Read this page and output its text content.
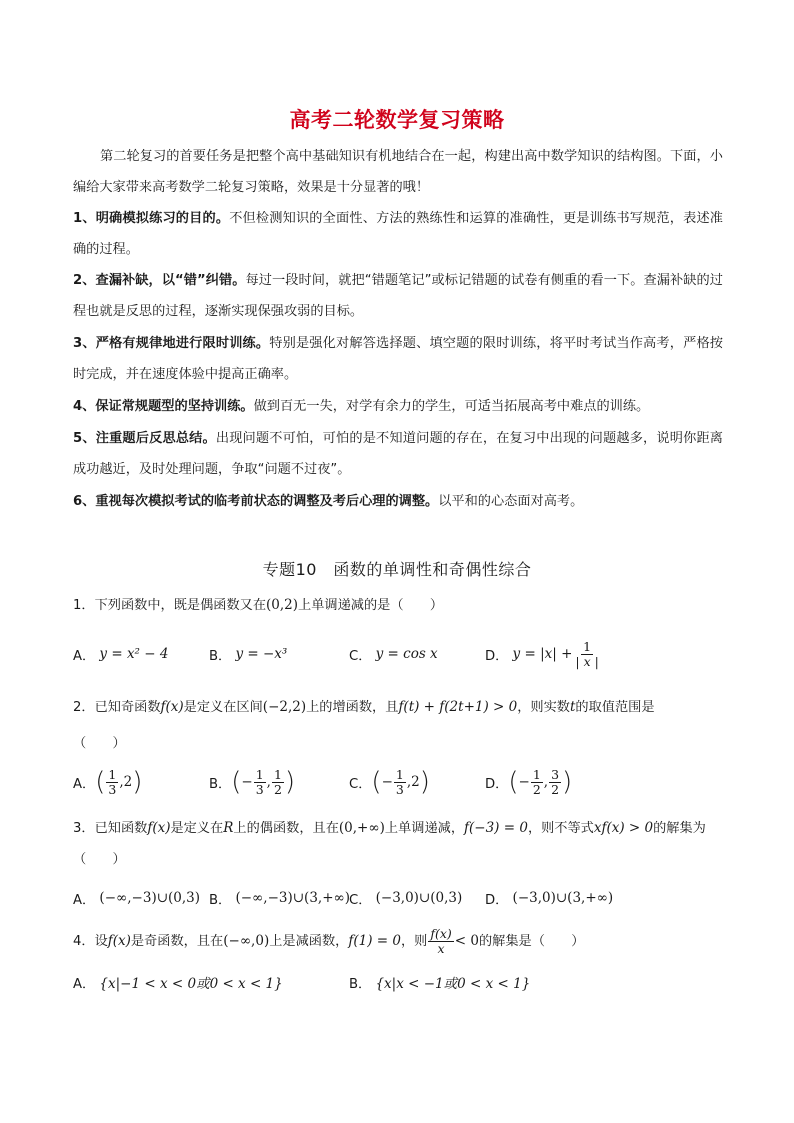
高考二轮数学复习策略
第二轮复习的首要任务是把整个高中基础知识有机地结合在一起，构建出高中数学知识的结构图。下面，小编给大家带来高考数学二轮复习策略，效果是十分显著的哦！
1、明确模拟练习的目的。不但检测知识的全面性、方法的熟练性和运算的准确性，更是训练书写规范，表述准确的过程。
2、查漏补缺，以“错”纠错。每过一段时间，就把“错题笔记”或标记错题的试卷有侧重的看一下。查漏补缺的过程也就是反思的过程，逐渐实现保强攻弱的目标。
3、严格有规律地进行限时训练。特别是强化对解答选择题、填空题的限时训练，将平时考试当作高考，严格按时完成，并在速度体验中提高正确率。
4、保证常规题型的坚持训练。做到百无一失，对学有余力的学生，可适当拓展高考中难点的训练。
5、注重题后反思总结。出现问题不可怕，可怕的是不知道问题的存在，在复习中出现的问题越多，说明你距离成功越近，及时处理问题，争取“问题不过夜”。
6、重视每次模拟考试的临考前状态的调整及考后心理的调整。以平和的心态面对高考。
专题10　函数的单调性和奇偶性综合
1．下列函数中，既是偶函数又在(0,2)上单调递减的是（　　）
A．
y = x² − 4	B．
y = −x³	C．
y = cos x	D．
$y = |x| + \frac{1}{| x |}$
2．已知奇函数f(x)是定义在区间(−2,2)上的增函数，且f(t) + f(2t+1) > 0，则实数t的取值范围是
（　　）
A． ( $\frac{1}{3} ,2$ )	B． ( − $\frac{1}{3}$ , $\frac{1}{2}$ )	C． ( − $\frac{1}{3} ,2$ )	D． ( − $\frac{1}{2}$ , $\frac{3}{2}$ )
3．已知函数f(x)是定义在R上的偶函数，且在(0,+∞)上单调递减，f(−3) = 0，则不等式xf(x) > 0的解集为（　　）
A．
(−∞,−3)∪(0,3) B．
(−∞,−3)∪(3,+∞)
C．
(−3,0)∪(0,3) D．
(−3,0)∪(3,+∞)
4．设f(x)是奇函数，且在(−∞,0)上是减函数，f(1) = 0，则 $\frac{f(x)}{x} < 0$的解集是（　　）
A．
{x|−1 < x < 0或0 < x < 1}	B．
{x|x < −1或0 < x < 1}
